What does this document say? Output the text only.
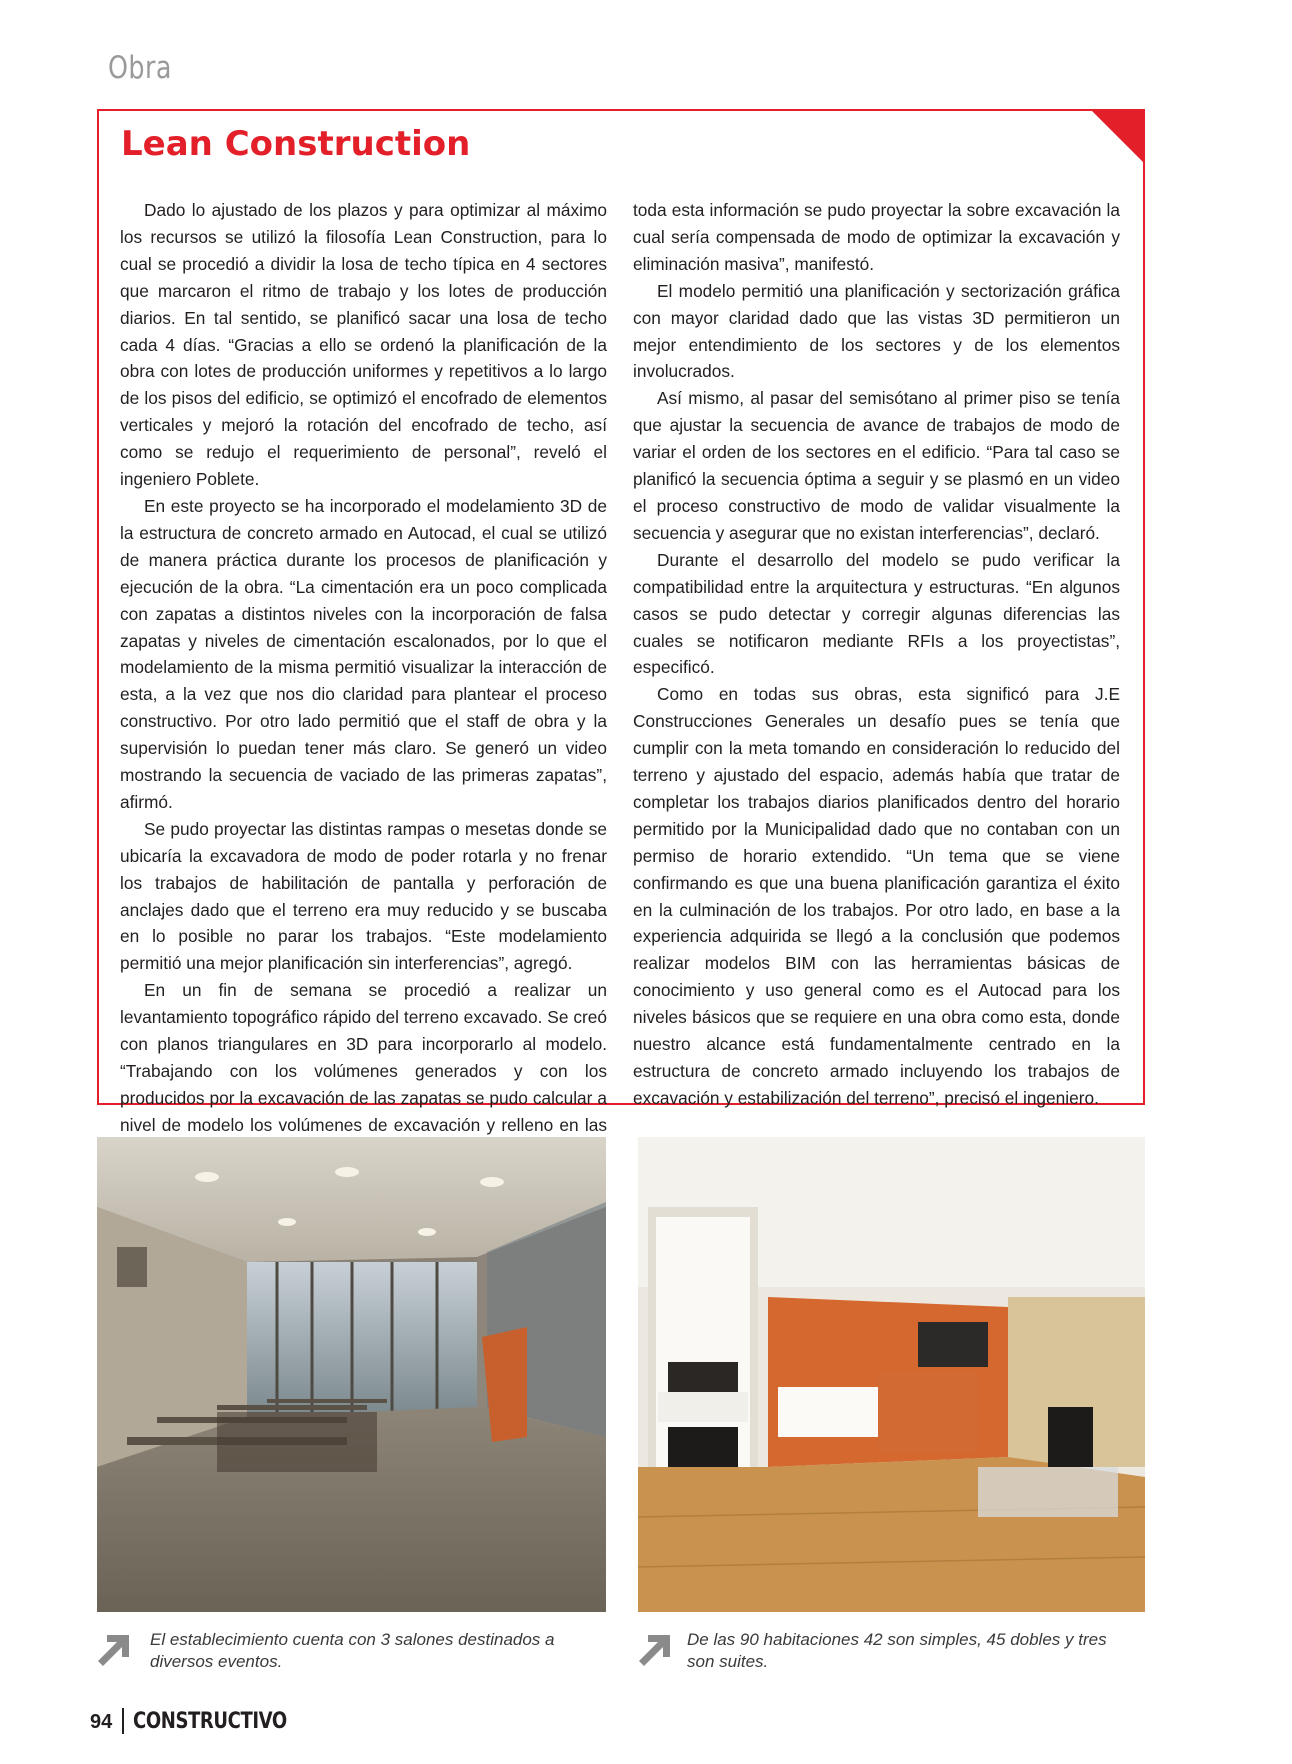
Obra
Lean Construction

Dado lo ajustado de los plazos y para optimizar al máximo los recursos se utilizó la filosofía Lean Construction, para lo cual se procedió a dividir la losa de techo típica en 4 sectores que marcaron el ritmo de trabajo y los lotes de producción diarios. En tal sentido, se planificó sacar una losa de techo cada 4 días. “Gracias a ello se ordenó la planificación de la obra con lotes de producción uniformes y repetitivos a lo largo de los pisos del edificio, se optimizó el encofrado de elementos verticales y mejoró la rotación del encofrado de techo, así como se redujo el requerimiento de personal”, reveló el ingeniero Poblete.

En este proyecto se ha incorporado el modelamiento 3D de la estructura de concreto armado en Autocad, el cual se utilizó de manera práctica durante los procesos de planificación y ejecución de la obra. “La cimentación era un poco complicada con zapatas a distintos niveles con la incorporación de falsa zapatas y niveles de cimentación escalonados, por lo que el modelamiento de la misma permitió visualizar la interacción de esta, a la vez que nos dio claridad para plantear el proceso constructivo. Por otro lado permitió que el staff de obra y la supervisión lo puedan tener más claro. Se generó un video mostrando la secuencia de vaciado de las primeras zapatas”, afirmó.

Se pudo proyectar las distintas rampas o mesetas donde se ubicaría la excavadora de modo de poder rotarla y no frenar los trabajos de habilitación de pantalla y perforación de anclajes dado que el terreno era muy reducido y se buscaba en lo posible no parar los trabajos. “Este modelamiento permitió una mejor planificación sin interferencias”, agregó.

En un fin de semana se procedió a realizar un levantamiento topográfico rápido del terreno excavado. Se creó con planos triangulares en 3D para incorporarlo al modelo. “Trabajando con los volúmenes generados y con los producidos por la excavación de las zapatas se pudo calcular a nivel de modelo los volúmenes de excavación y relleno en las

toda esta información se pudo proyectar la sobre excavación la cual sería compensada de modo de optimizar la excavación y eliminación masiva”, manifestó.

El modelo permitió una planificación y sectorización gráfica con mayor claridad dado que las vistas 3D permitieron un mejor entendimiento de los sectores y de los elementos involucrados.

Así mismo, al pasar del semisótano al primer piso se tenía que ajustar la secuencia de avance de trabajos de modo de variar el orden de los sectores en el edificio. “Para tal caso se planificó la secuencia óptima a seguir y se plasmó en un video el proceso constructivo de modo de validar visualmente la secuencia y asegurar que no existan interferencias”, declaró.

Durante el desarrollo del modelo se pudo verificar la compatibilidad entre la arquitectura y estructuras. “En algunos casos se pudo detectar y corregir algunas diferencias las cuales se notificaron mediante RFIs a los proyectistas”, especificó.

Como en todas sus obras, esta significó para J.E Construcciones Generales un desafío pues se tenía que cumplir con la meta tomando en consideración lo reducido del terreno y ajustado del espacio, además había que tratar de completar los trabajos diarios planificados dentro del horario permitido por la Municipalidad dado que no contaban con un permiso de horario extendido. “Un tema que se viene confirmando es que una buena planificación garantiza el éxito en la culminación de los trabajos. Por otro lado, en base a la experiencia adquirida se llegó a la conclusión que podemos realizar modelos BIM con las herramientas básicas de conocimiento y uso general como es el Autocad para los niveles básicos que se requiere en una obra como esta, donde nuestro alcance está fundamentalmente centrado en la estructura de concreto armado incluyendo los trabajos de excavación y estabilización del terreno”, precisó el ingeniero.

El establecimiento cuenta con 3 salones destinados a diversos eventos.
De las 90 habitaciones 42 son simples, 45 dobles y tres son suites.
94 CONSTRUCTIVO
